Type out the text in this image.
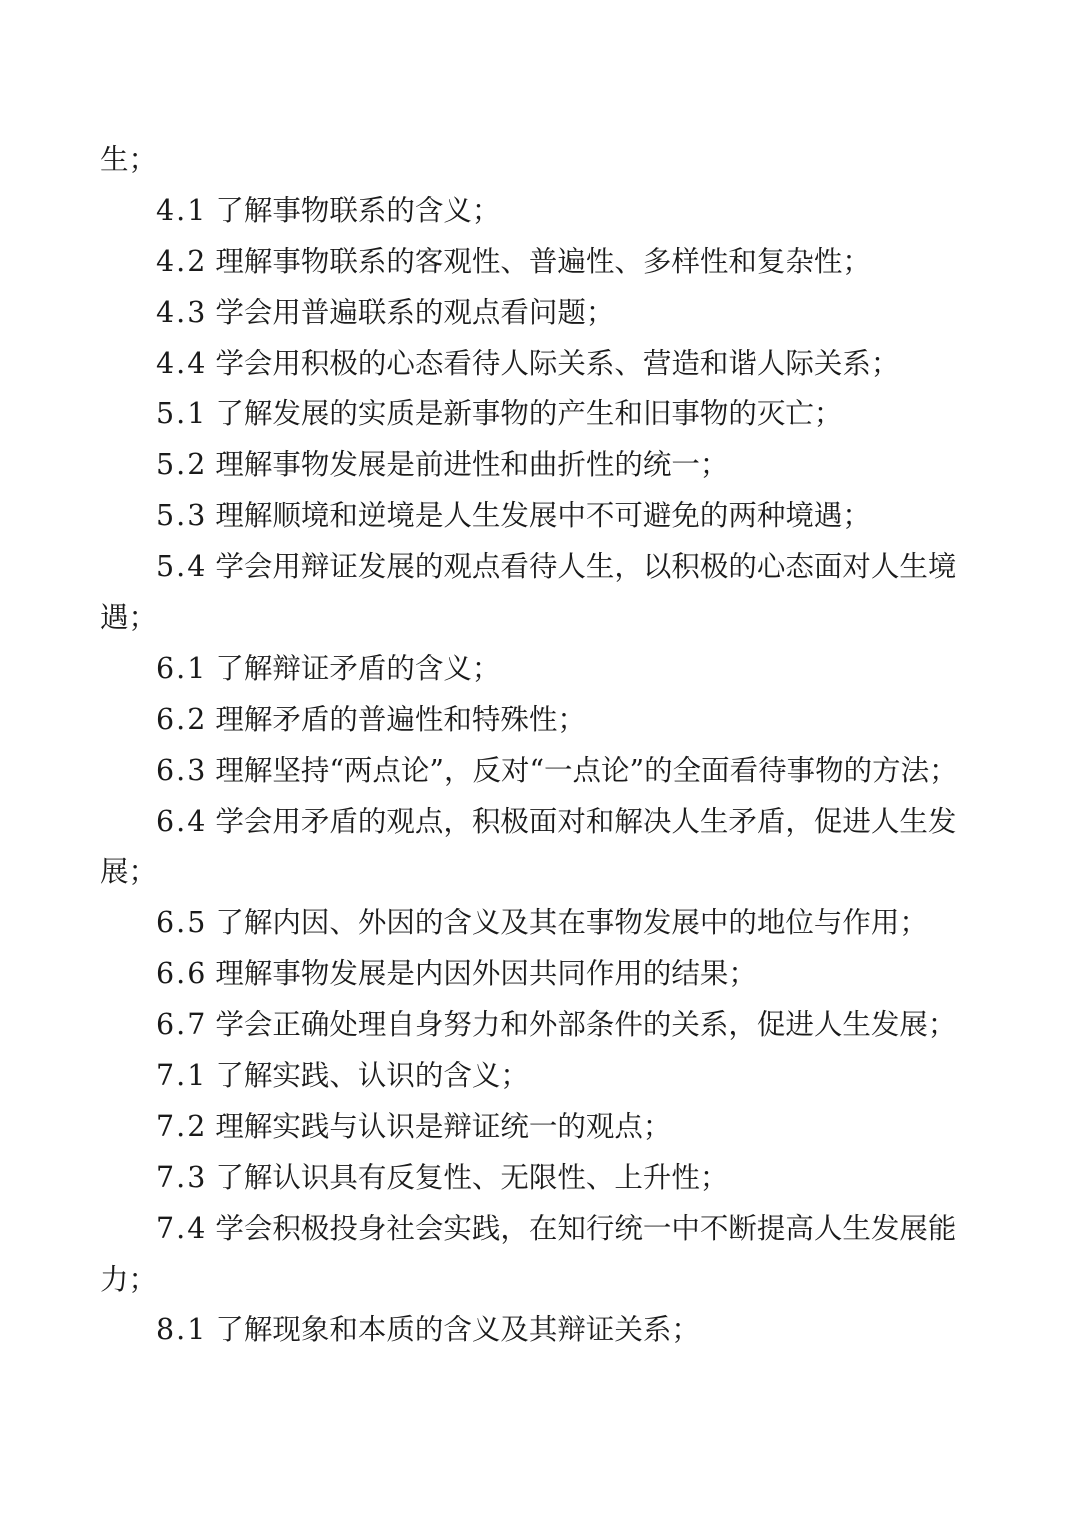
生；
4.1 了解事物联系的含义；
4.2 理解事物联系的客观性、普遍性、多样性和复杂性；
4.3 学会用普遍联系的观点看问题；
4.4 学会用积极的心态看待人际关系、营造和谐人际关系；
5.1 了解发展的实质是新事物的产生和旧事物的灭亡；
5.2 理解事物发展是前进性和曲折性的统一；
5.3 理解顺境和逆境是人生发展中不可避免的两种境遇；
5.4 学会用辩证发展的观点看待人生，以积极的心态面对人生境
遇；
6.1 了解辩证矛盾的含义；
6.2 理解矛盾的普遍性和特殊性；
6.3 理解坚持“两点论”，反对“一点论”的全面看待事物的方法；
6.4 学会用矛盾的观点，积极面对和解决人生矛盾，促进人生发
展；
6.5 了解内因、外因的含义及其在事物发展中的地位与作用；
6.6 理解事物发展是内因外因共同作用的结果；
6.7 学会正确处理自身努力和外部条件的关系，促进人生发展；
7.1 了解实践、认识的含义；
7.2 理解实践与认识是辩证统一的观点；
7.3 了解认识具有反复性、无限性、上升性；
7.4 学会积极投身社会实践，在知行统一中不断提高人生发展能
力；
8.1 了解现象和本质的含义及其辩证关系；
